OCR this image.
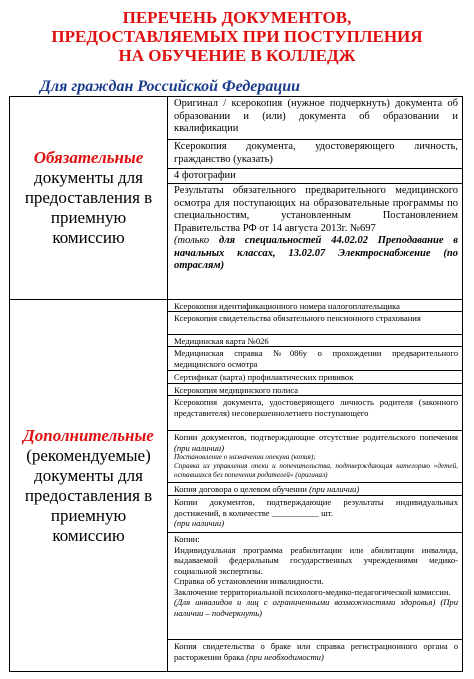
ПЕРЕЧЕНЬ ДОКУМЕНТОВ,
ПРЕДОСТАВЛЯЕМЫХ ПРИ ПОСТУПЛЕНИЯ
НА ОБУЧЕНИЕ В КОЛЛЕДЖ
Для граждан Российской Федерации
Обязательные
документы для
предоставления в
приемную
комиссию
Оригинал / ксерокопия (нужное подчеркнуть) документа об образовании и (или) документа об образовании и квалификации
Ксерокопия документа, удостоверяющего личность, гражданство (указать)
4 фотографии
Результаты обязательного предварительного медицинского осмотра для поступающих на образовательные программы по специальностям, установленным Постановлением Правительства РФ от 14 августа 2013г. №697
(только для специальностей 44.02.02 Преподавание в начальных классах, 13.02.07 Электроснабжение (по отраслям)
Дополнительные
(рекомендуемые)
документы для
предоставления в
приемную
комиссию
Ксерокопия идентификационного номера налогоплательщика
Ксерокопия свидетельства обязательного пенсионного страхования
Медицинская карта №026
Медицинская справка №086у о прохождении предварительного медицинского осмотра
Сертификат (карта) профилактических прививок
Ксерокопия медицинского полиса
Ксерокопия документа, удостоверяющего личность родителя (законного представителя) несовершеннолетнего поступающего
Копии документов, подтверждающие отсутствие родительского попечения (при наличии)
Постановление о назначении опекуна (копия);
Справка из управления опеки и попечительства, подтверждающая категорию «детей, оставшихся без попечения родителей» (оригинал)
Копия договора о целевом обучении (при наличии)
Копии документов, подтверждающие результаты индивидуальных достижений, в количестве ___________ шт.
(при наличии)
Копии:
Индивидуальная программа реабилитации или абилитации инвалида, выдаваемой федеральным государственных учреждениями медико-социальной экспертизы.
Справка об установлении инвалидности.
Заключение территориальной психолого-медико-педагогической комиссии.
(Для инвалидов и лиц с ограниченными возможностями здоровья) (При наличии – подчеркнуть)
Копия свидетельства о браке или справка регистрационного органа о расторжении брака (при необходимости)
